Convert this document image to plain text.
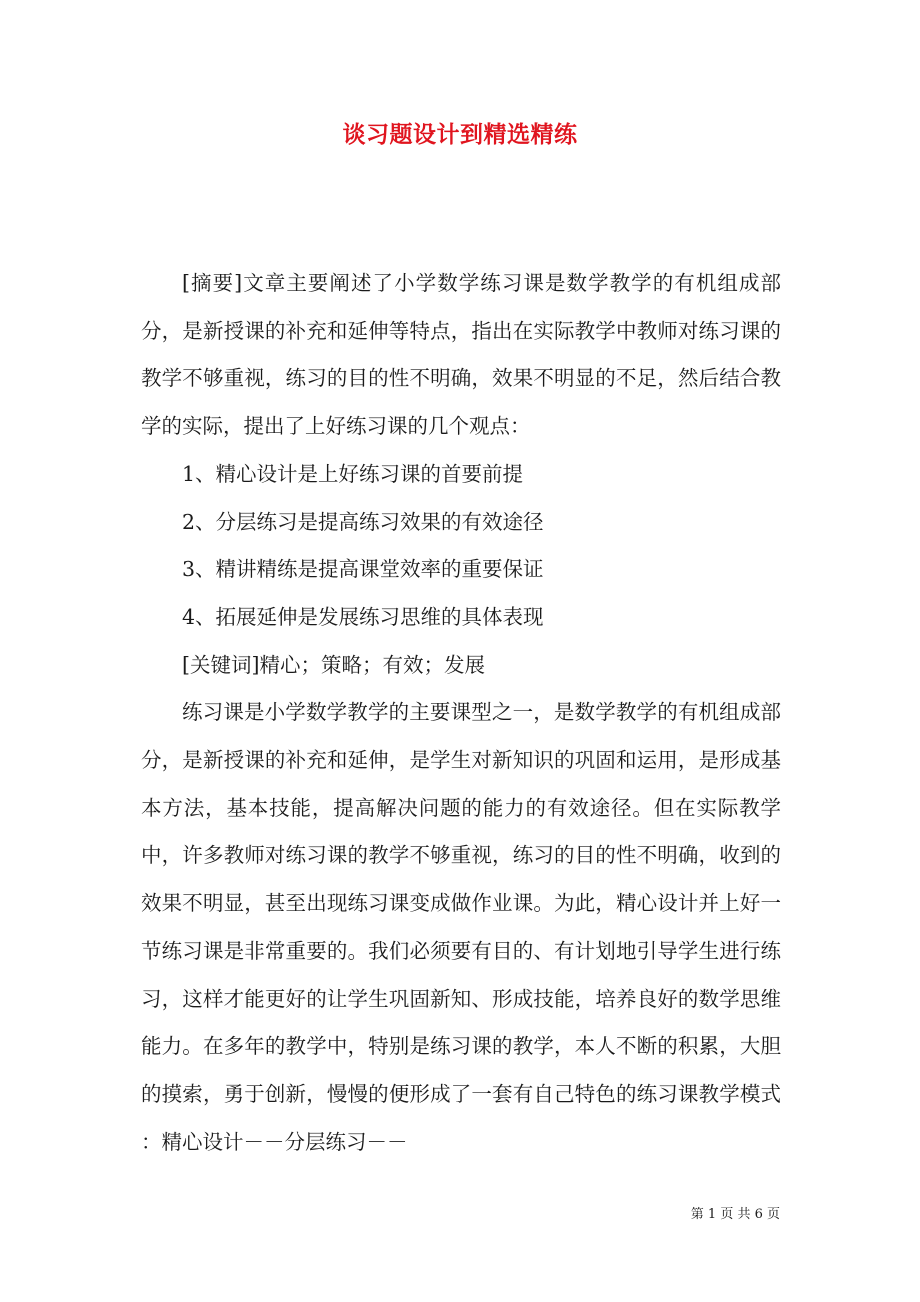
谈习题设计到精选精练

[摘要]文章主要阐述了小学数学练习课是数学教学的有机组成部分，是新授课的补充和延伸等特点，指出在实际教学中教师对练习课的教学不够重视，练习的目的性不明确，效果不明显的不足，然后结合教学的实际，提出了上好练习课的几个观点：

1、精心设计是上好练习课的首要前提

2、分层练习是提高练习效果的有效途径

3、精讲精练是提高课堂效率的重要保证

4、拓展延伸是发展练习思维的具体表现

[关键词]精心；策略；有效；发展

练习课是小学数学教学的主要课型之一，是数学教学的有机组成部分，是新授课的补充和延伸，是学生对新知识的巩固和运用，是形成基本方法，基本技能，提高解决问题的能力的有效途径。但在实际教学中，许多教师对练习课的教学不够重视，练习的目的性不明确，收到的效果不明显，甚至出现练习课变成做作业课。为此，精心设计并上好一节练习课是非常重要的。我们必须要有目的、有计划地引导学生进行练习，这样才能更好的让学生巩固新知、形成技能，培养良好的数学思维能力。在多年的教学中，特别是练习课的教学，本人不断的积累，大胆的摸索，勇于创新，慢慢的便形成了一套有自己特色的练习课教学模式 ：精心设计－－分层练习－－

第 1 页 共 6 页
